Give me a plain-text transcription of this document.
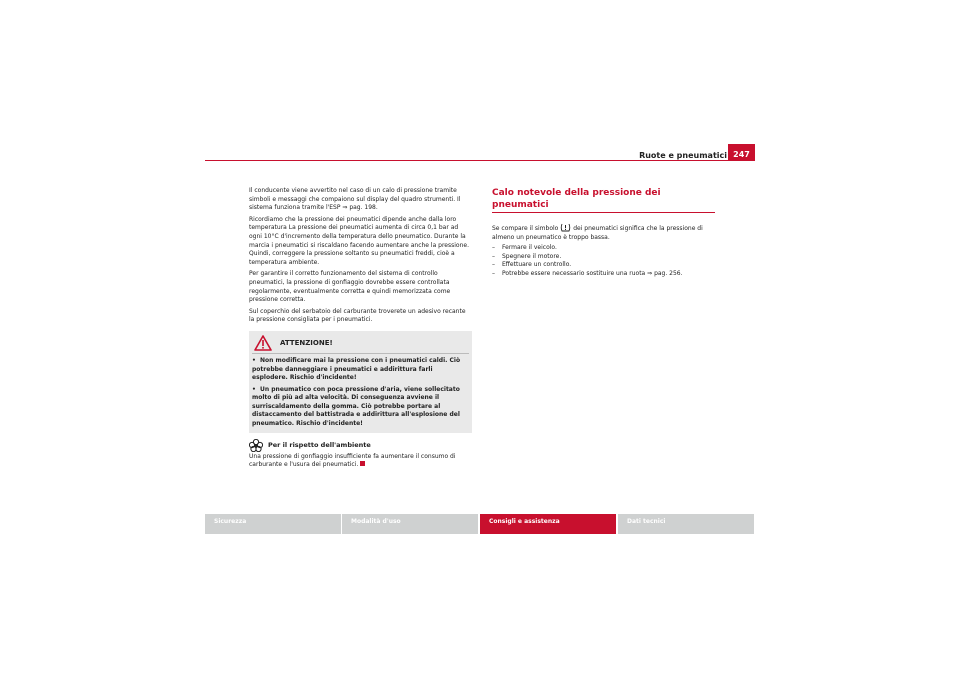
Ruote e pneumatici 247

Il conducente viene avvertito nel caso di un calo di pressione tramite simboli e messaggi che compaiono sul display del quadro strumenti. Il sistema funziona tramite l'ESP ⇒ pag. 198.

Ricordiamo che la pressione dei pneumatici dipende anche dalla loro temperatura La pressione dei pneumatici aumenta di circa 0,1 bar ad ogni 10°C d'incremento della temperatura dello pneumatico. Durante la marcia i pneumatici si riscaldano facendo aumentare anche la pressione. Quindi, correggere la pressione soltanto su pneumatici freddi, cioè a temperatura ambiente.

Per garantire il corretto funzionamento del sistema di controllo pneumatici, la pressione di gonfiaggio dovrebbe essere controllata regolarmente, eventualmente corretta e quindi memorizzata come pressione corretta.

Sul coperchio del serbatoio del carburante troverete un adesivo recante la pressione consigliata per i pneumatici.

ATTENZIONE!
•  Non modificare mai la pressione con i pneumatici caldi. Ciò potrebbe danneggiare i pneumatici e addirittura farli esplodere. Rischio d'incidente!
•  Un pneumatico con poca pressione d'aria, viene sollecitato molto di più ad alta velocità. Di conseguenza avviene il surriscaldamento della gomma. Ciò potrebbe portare al distaccamento del battistrada e addirittura all'esplosione del pneumatico. Rischio d'incidente!
Per il rispetto dell'ambiente

Una pressione di gonfiaggio insufficiente fa aumentare il consumo di carburante e l'usura dei pneumatici.

Calo notevole della pressione dei pneumatici

Se compare il simbolo dei pneumatici significa che la pressione di almeno un pneumatico è troppo bassa.

– Fermare il veicolo.
– Spegnere il motore.
– Effettuare un controllo.
– Potrebbe essere necessario sostituire una ruota ⇒ pag. 256.
Sicurezza	Modalità d'uso	Consigli e assistenza	Dati tecnici
